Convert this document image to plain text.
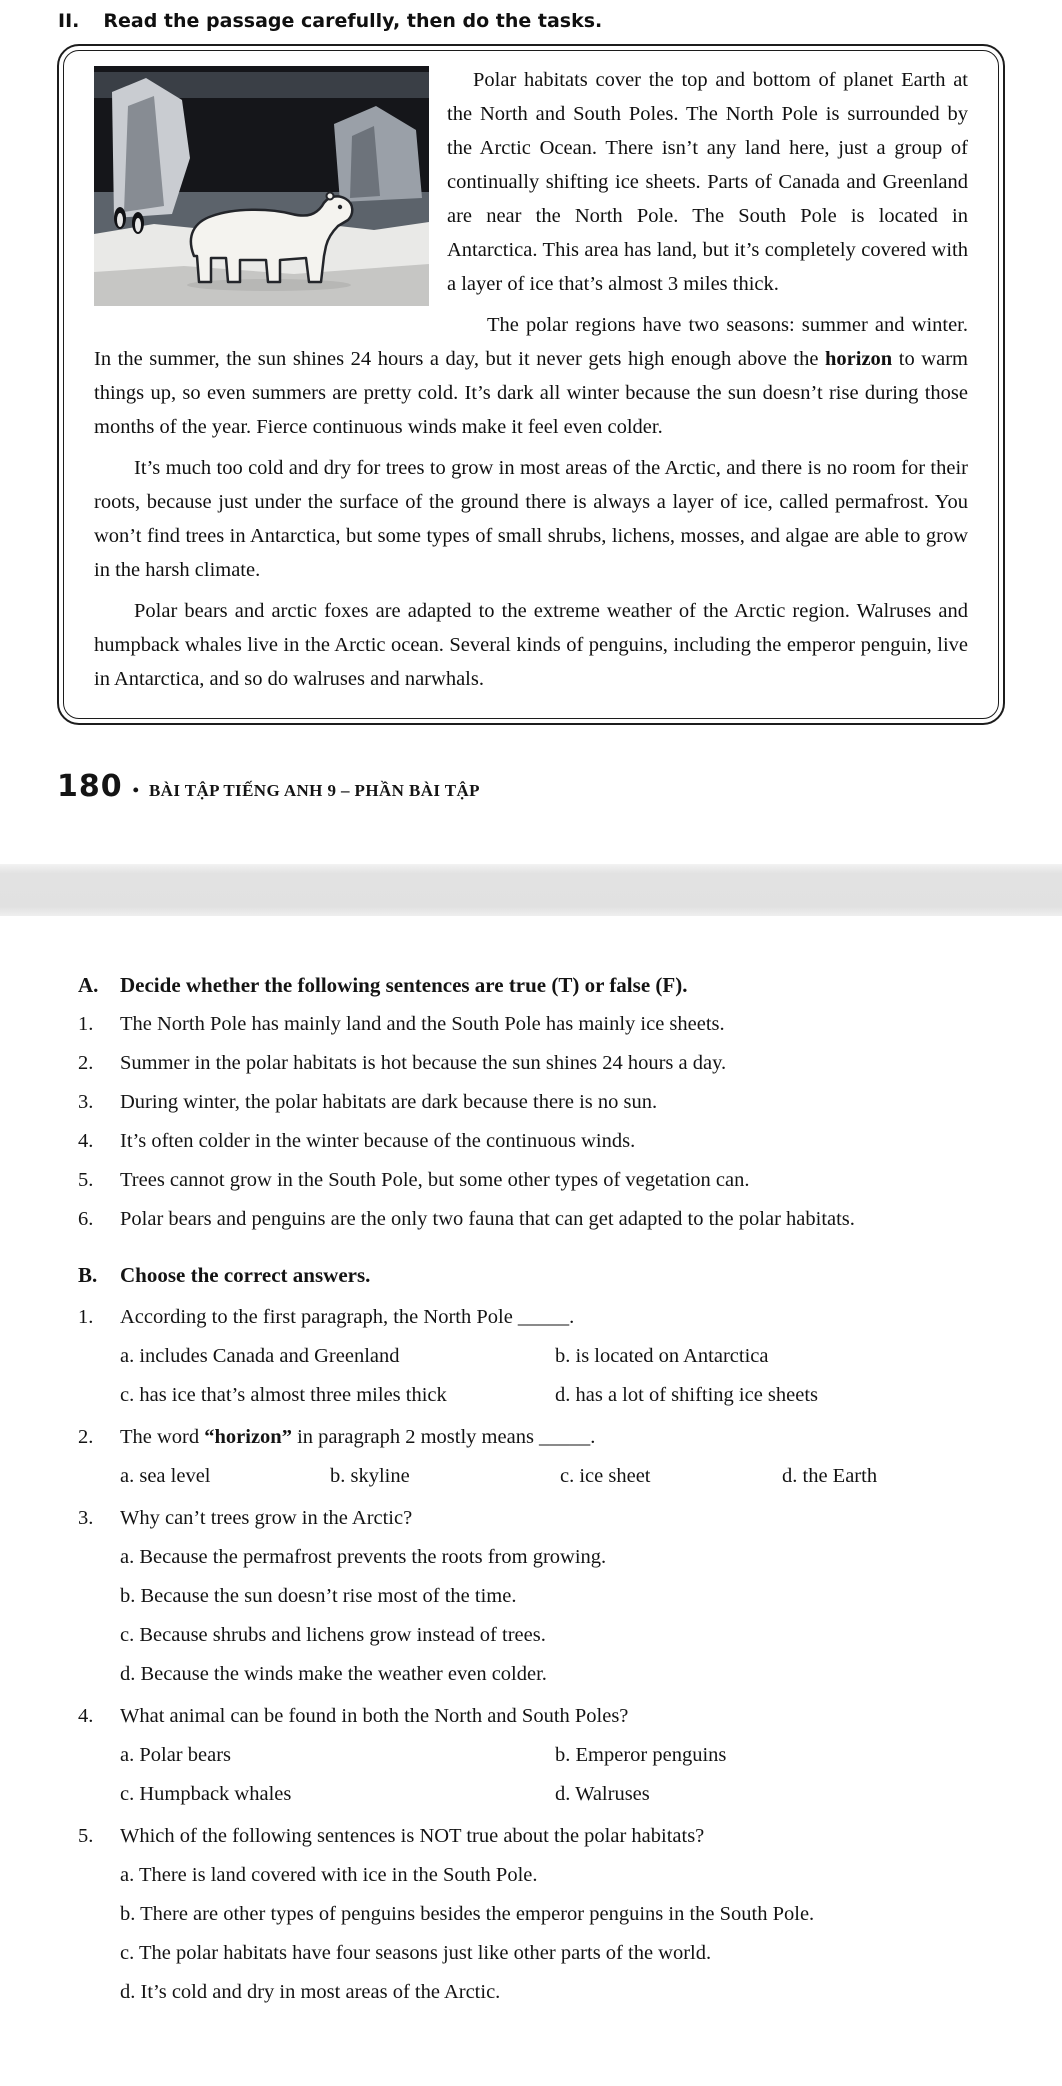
II. Read the passage carefully, then do the tasks.

Polar habitats cover the top and bottom of planet Earth at the North and South Poles. The North Pole is surrounded by the Arctic Ocean. There isn’t any land here, just a group of continually shifting ice sheets. Parts of Canada and Greenland are near the North Pole. The South Pole is located in Antarctica. This area has land, but it’s completely covered with a layer of ice that’s almost 3 miles thick.

The polar regions have two seasons: summer and winter. In the summer, the sun shines 24 hours a day, but it never gets high enough above the horizon to warm things up, so even summers are pretty cold. It’s dark all winter because the sun doesn’t rise during those months of the year. Fierce continuous winds make it feel even colder.

It’s much too cold and dry for trees to grow in most areas of the Arctic, and there is no room for their roots, because just under the surface of the ground there is always a layer of ice, called permafrost. You won’t find trees in Antarctica, but some types of small shrubs, lichens, mosses, and algae are able to grow in the harsh climate.

Polar bears and arctic foxes are adapted to the extreme weather of the Arctic region. Walruses and humpback whales live in the Arctic ocean. Several kinds of penguins, including the emperor penguin, live in Antarctica, and so do walruses and narwhals.

180 • BÀI TẬP TIẾNG ANH 9 – PHẦN BÀI TẬP
A.	Decide whether the following sentences are true (T) or false (F).
1.	The North Pole has mainly land and the South Pole has mainly ice sheets.
2.	Summer in the polar habitats is hot because the sun shines 24 hours a day.
3.	During winter, the polar habitats are dark because there is no sun.
4.	It’s often colder in the winter because of the continuous winds.
5.	Trees cannot grow in the South Pole, but some other types of vegetation can.
6.	Polar bears and penguins are the only two fauna that can get adapted to the polar habitats.
B.	Choose the correct answers.
1.	According to the first paragraph, the North Pole _____.
a. includes Canada and Greenland	b. is located on Antarctica
c. has ice that’s almost three miles thick	d. has a lot of shifting ice sheets
2.	The word “horizon” in paragraph 2 mostly means _____.
a. sea level	b. skyline	c. ice sheet	d. the Earth
3.	Why can’t trees grow in the Arctic?
a. Because the permafrost prevents the roots from growing.
b. Because the sun doesn’t rise most of the time.
c. Because shrubs and lichens grow instead of trees.
d. Because the winds make the weather even colder.
4.	What animal can be found in both the North and South Poles?
a. Polar bears	b. Emperor penguins
c. Humpback whales	d. Walruses
5.	Which of the following sentences is NOT true about the polar habitats?
a. There is land covered with ice in the South Pole.
b. There are other types of penguins besides the emperor penguins in the South Pole.
c. The polar habitats have four seasons just like other parts of the world.
d. It’s cold and dry in most areas of the Arctic.
